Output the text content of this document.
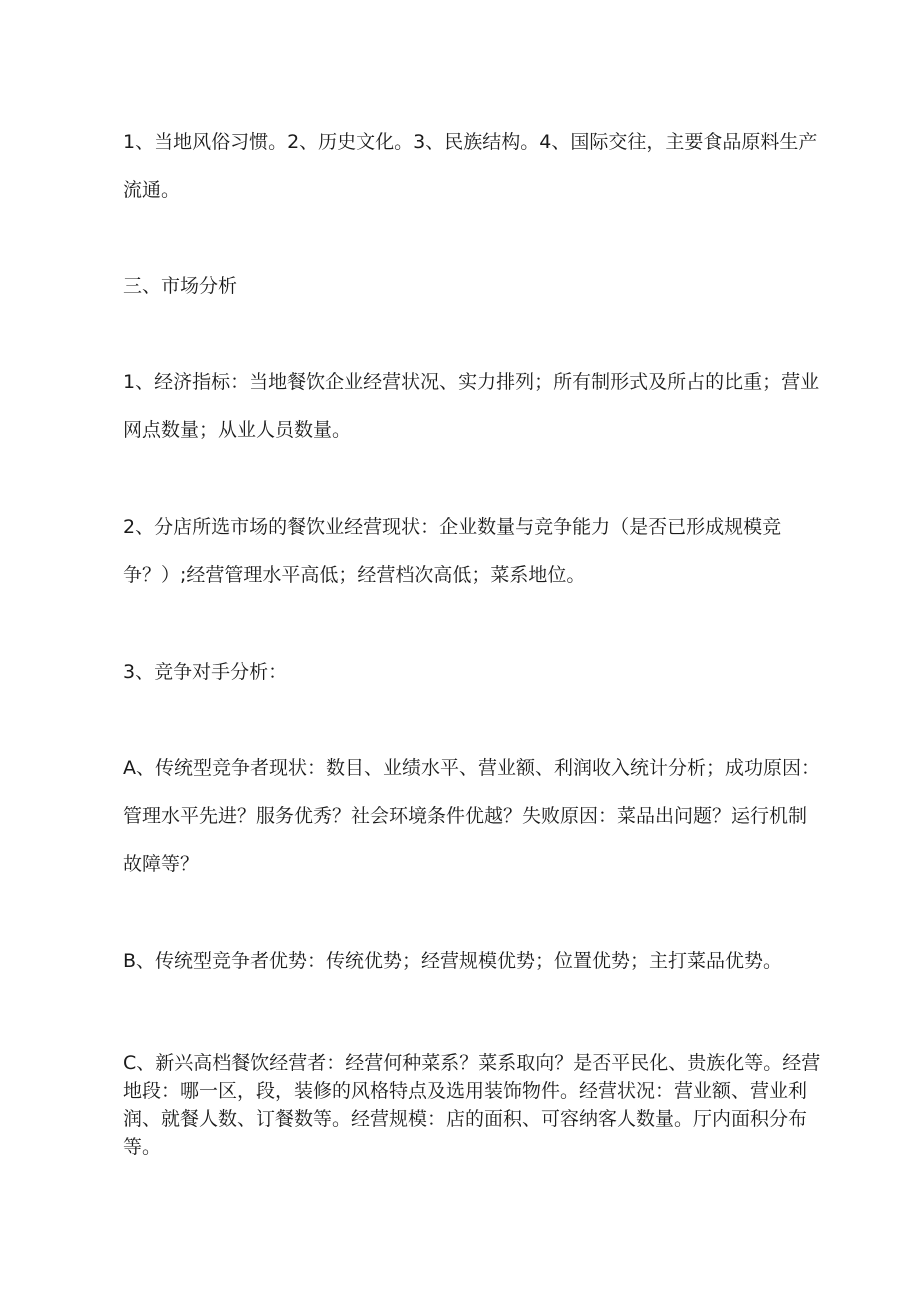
1、当地风俗习惯。2、历史文化。3、民族结构。4、国际交往，主要食品原料生产流通。

三、市场分析

1、经济指标：当地餐饮企业经营状况、实力排列；所有制形式及所占的比重；营业网点数量；从业人员数量。

2、分店所选市场的餐饮业经营现状：企业数量与竞争能力（是否已形成规模竞争？）;经营管理水平高低；经营档次高低；菜系地位。

3、竞争对手分析：

A、传统型竞争者现状：数目、业绩水平、营业额、利润收入统计分析；成功原因：管理水平先进？服务优秀？社会环境条件优越？失败原因：菜品出问题？运行机制故障等？

B、传统型竞争者优势：传统优势；经营规模优势；位置优势；主打菜品优势。

C、新兴高档餐饮经营者：经营何种菜系？菜系取向？是否平民化、贵族化等。经营地段：哪一区，段，装修的风格特点及选用装饰物件。经营状况：营业额、营业利润、就餐人数、订餐数等。经营规模：店的面积、可容纳客人数量。厅内面积分布等。
